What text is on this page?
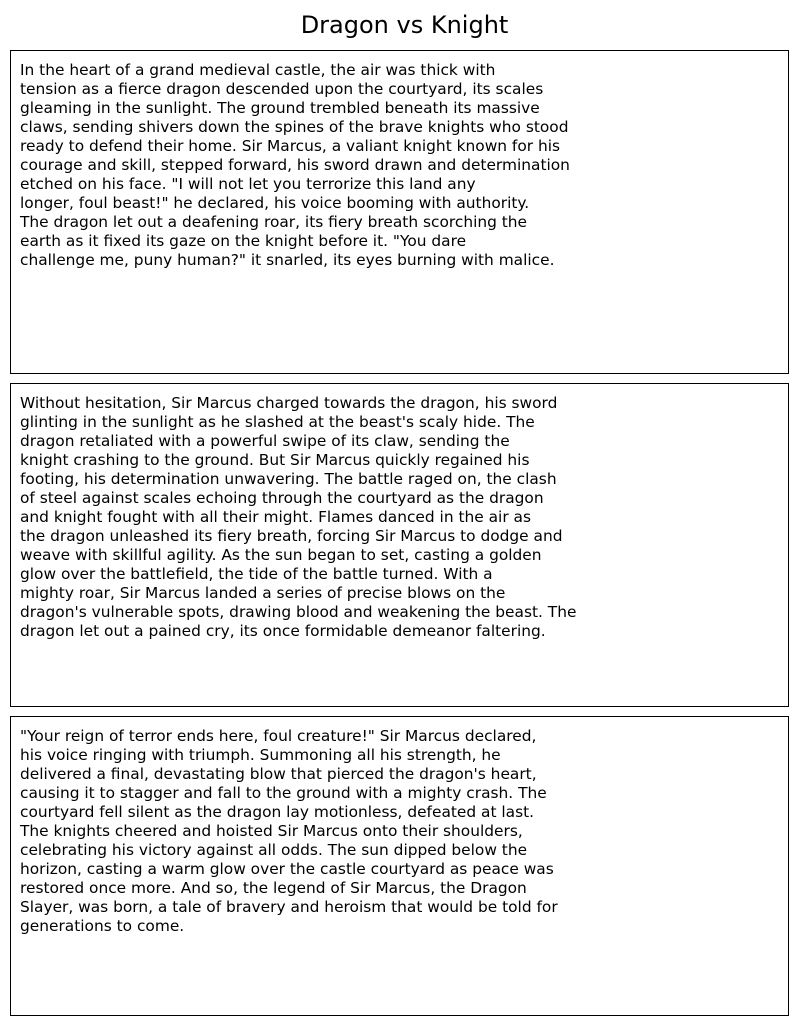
Dragon vs Knight
In the heart of a grand medieval castle, the air was thick with
tension as a fierce dragon descended upon the courtyard, its scales
gleaming in the sunlight. The ground trembled beneath its massive
claws, sending shivers down the spines of the brave knights who stood
ready to defend their home. Sir Marcus, a valiant knight known for his
courage and skill, stepped forward, his sword drawn and determination
etched on his face. "I will not let you terrorize this land any
longer, foul beast!" he declared, his voice booming with authority.
The dragon let out a deafening roar, its fiery breath scorching the
earth as it fixed its gaze on the knight before it. "You dare
challenge me, puny human?" it snarled, its eyes burning with malice.
Without hesitation, Sir Marcus charged towards the dragon, his sword
glinting in the sunlight as he slashed at the beast's scaly hide. The
dragon retaliated with a powerful swipe of its claw, sending the
knight crashing to the ground. But Sir Marcus quickly regained his
footing, his determination unwavering. The battle raged on, the clash
of steel against scales echoing through the courtyard as the dragon
and knight fought with all their might. Flames danced in the air as
the dragon unleashed its fiery breath, forcing Sir Marcus to dodge and
weave with skillful agility. As the sun began to set, casting a golden
glow over the battlefield, the tide of the battle turned. With a
mighty roar, Sir Marcus landed a series of precise blows on the
dragon's vulnerable spots, drawing blood and weakening the beast. The
dragon let out a pained cry, its once formidable demeanor faltering.
"Your reign of terror ends here, foul creature!" Sir Marcus declared,
his voice ringing with triumph. Summoning all his strength, he
delivered a final, devastating blow that pierced the dragon's heart,
causing it to stagger and fall to the ground with a mighty crash. The
courtyard fell silent as the dragon lay motionless, defeated at last.
The knights cheered and hoisted Sir Marcus onto their shoulders,
celebrating his victory against all odds. The sun dipped below the
horizon, casting a warm glow over the castle courtyard as peace was
restored once more. And so, the legend of Sir Marcus, the Dragon
Slayer, was born, a tale of bravery and heroism that would be told for
generations to come.
